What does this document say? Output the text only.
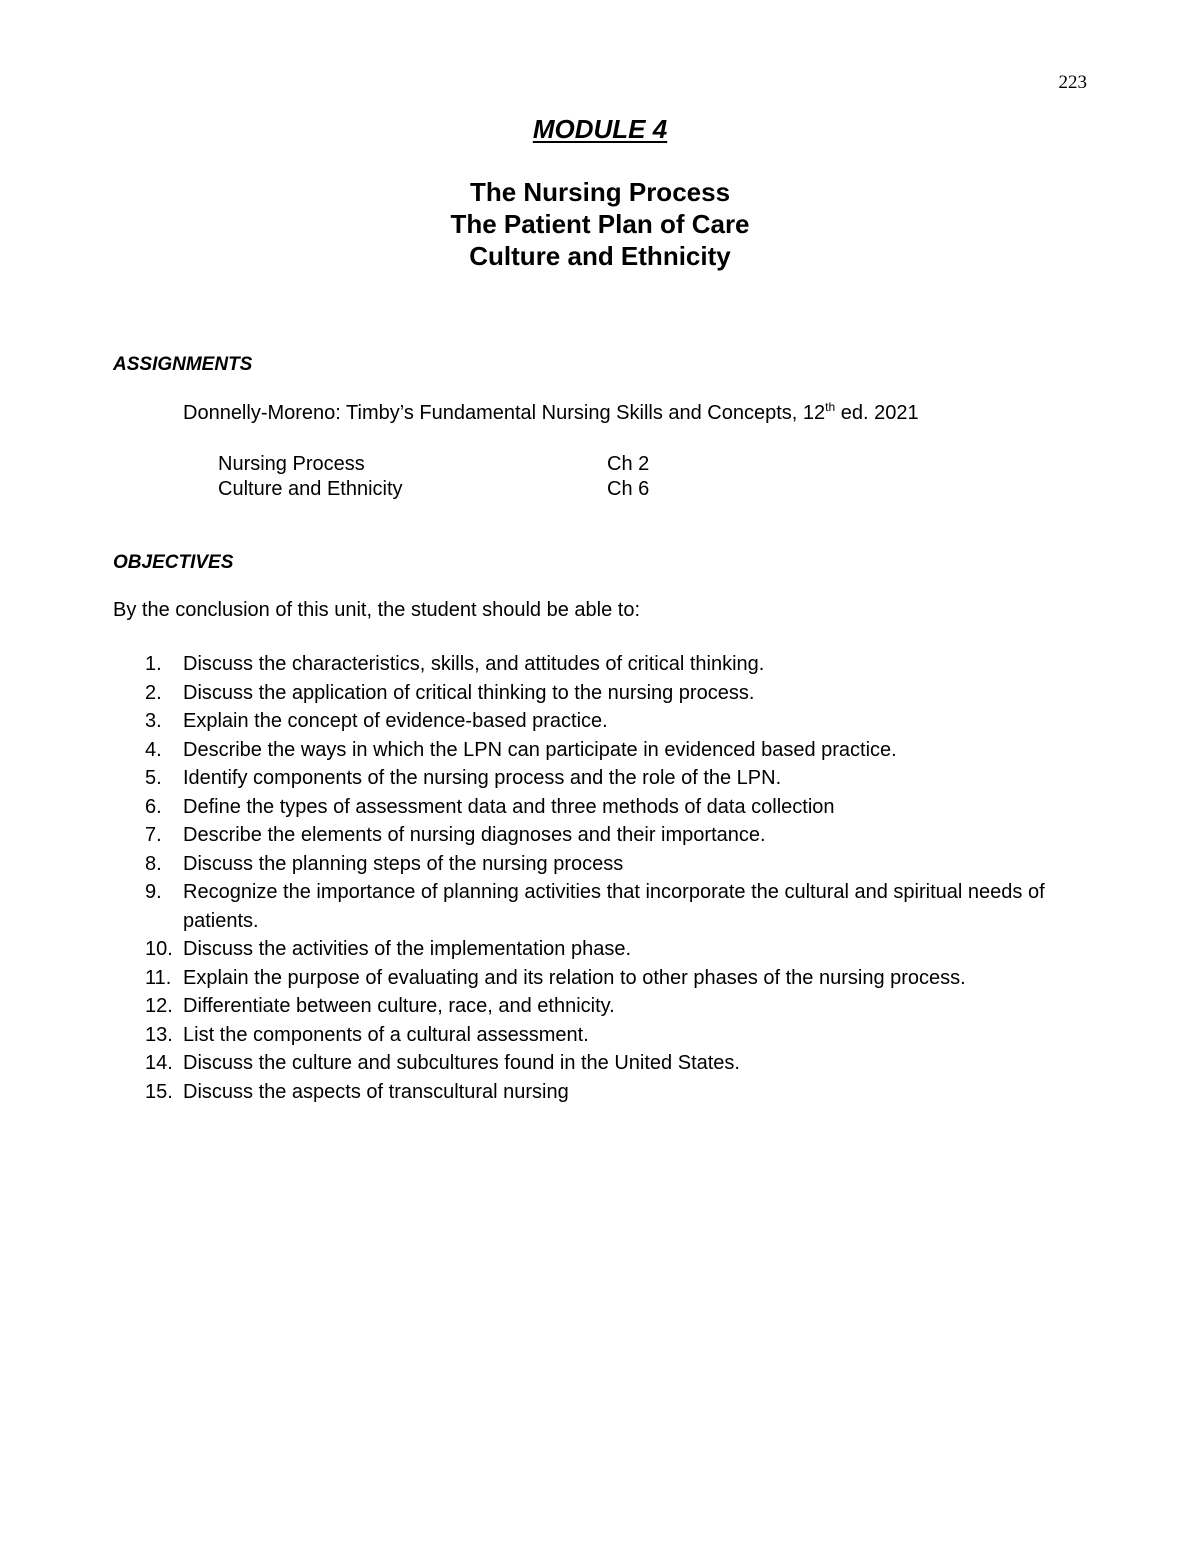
223
MODULE 4
The Nursing Process
The Patient Plan of Care
Culture and Ethnicity
ASSIGNMENTS
Donnelly-Moreno: Timby’s Fundamental Nursing Skills and Concepts, 12th ed. 2021
Nursing Process	Ch 2
Culture and Ethnicity	Ch 6
OBJECTIVES
By the conclusion of this unit, the student should be able to:
1.	Discuss the characteristics, skills, and attitudes of critical thinking.
2.	Discuss the application of critical thinking to the nursing process.
3.	Explain the concept of evidence-based practice.
4.	Describe the ways in which the LPN can participate in evidenced based practice.
5.	Identify components of the nursing process and the role of the LPN.
6.	Define the types of assessment data and three methods of data collection
7.	Describe the elements of nursing diagnoses and their importance.
8.	Discuss the planning steps of the nursing process
9.	Recognize the importance of planning activities that incorporate the cultural and spiritual needs of patients.
10. Discuss the activities of the implementation phase.
11. Explain the purpose of evaluating and its relation to other phases of the nursing process.
12. Differentiate between culture, race, and ethnicity.
13. List the components of a cultural assessment.
14. Discuss the culture and subcultures found in the United States.
15. Discuss the aspects of transcultural nursing
